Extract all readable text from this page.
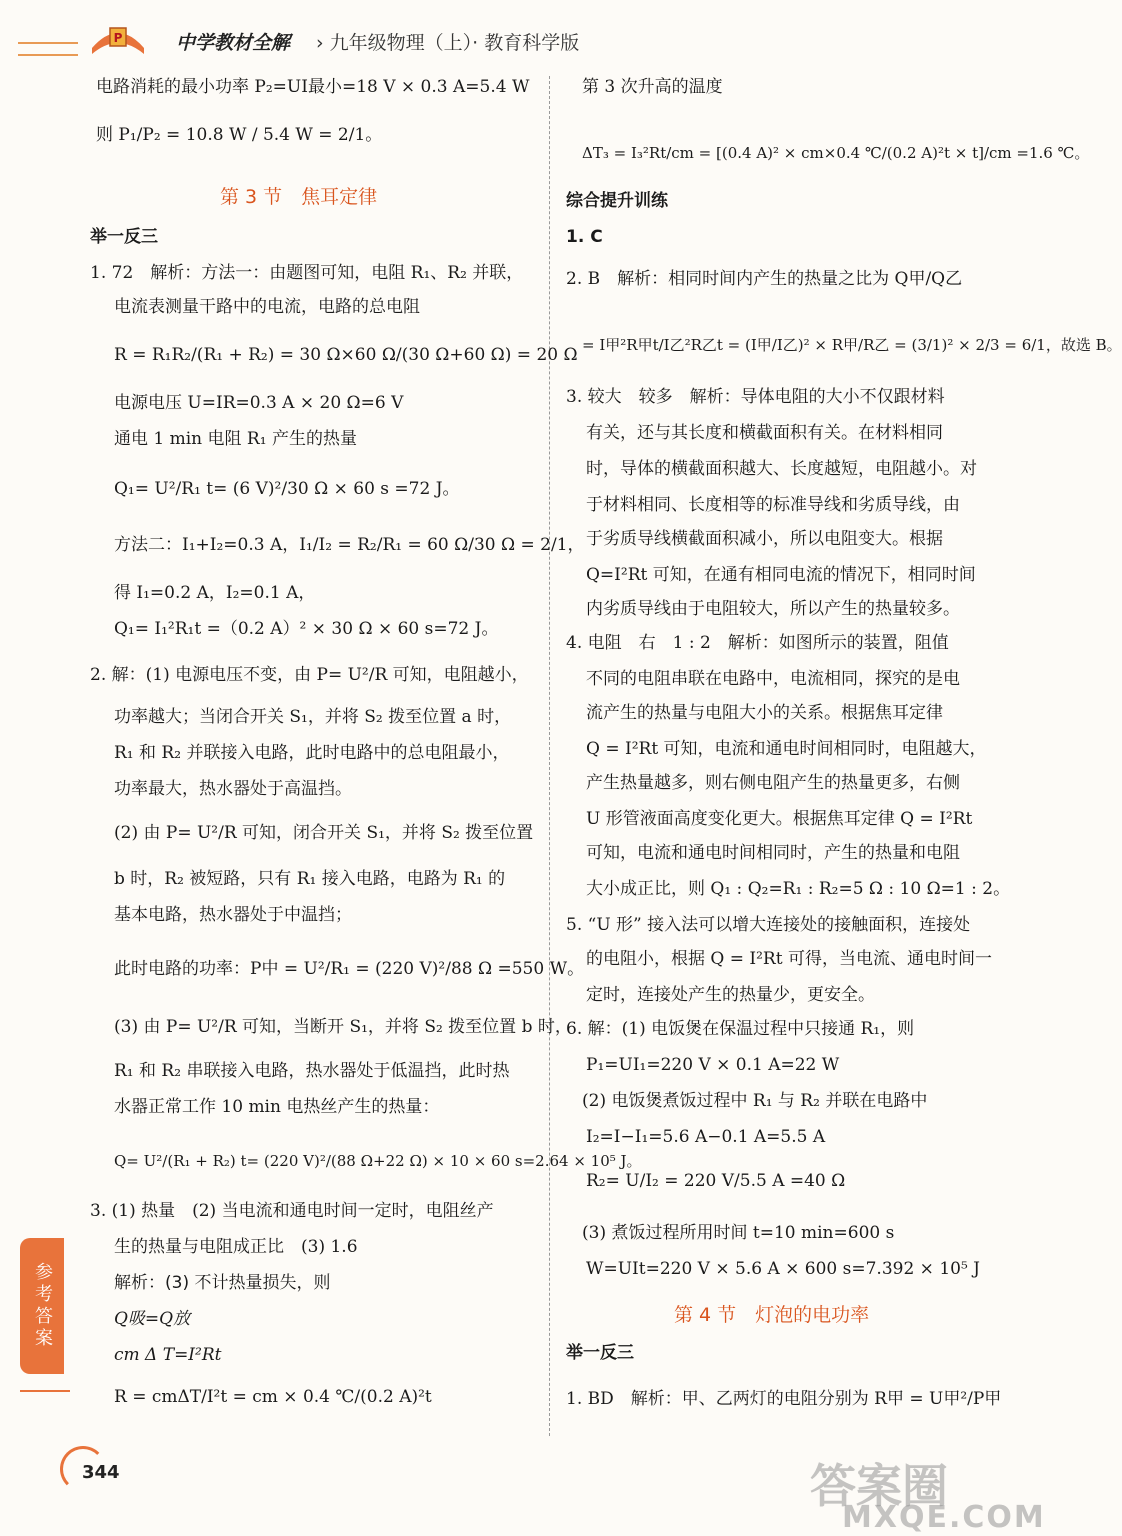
P	中学教材全解 › 九年级物理（上）· 教育科学版
电路消耗的最小功率 P₂=UI最小=18 V × 0.3 A=5.4 W
则 P₁/P₂ = 10.8 W / 5.4 W = 2/1。
第 3 节　焦耳定律
举一反三
1. 72　解析：方法一：由题图可知，电阻 R₁、R₂ 并联，
电流表测量干路中的电流，电路的总电阻
R = R₁R₂/(R₁ + R₂) = 30 Ω×60 Ω/(30 Ω+60 Ω) = 20 Ω
电源电压 U=IR=0.3 A × 20 Ω=6 V
通电 1 min 电阻 R₁ 产生的热量
Q₁= U²/R₁ t= (6 V)²/30 Ω × 60 s =72 J。
方法二：I₁+I₂=0.3 A，I₁/I₂ = R₂/R₁ = 60 Ω/30 Ω = 2/1，
得 I₁=0.2 A，I₂=0.1 A，
Q₁= I₁²R₁t =（0.2 A）² × 30 Ω × 60 s=72 J。
2. 解：(1) 电源电压不变，由 P= U²/R 可知，电阻越小，
功率越大；当闭合开关 S₁，并将 S₂ 拨至位置 a 时，
R₁ 和 R₂ 并联接入电路，此时电路中的总电阻最小，
功率最大，热水器处于高温挡。
(2) 由 P= U²/R 可知，闭合开关 S₁，并将 S₂ 拨至位置
b 时，R₂ 被短路，只有 R₁ 接入电路，电路为 R₁ 的
基本电路，热水器处于中温挡；
此时电路的功率：P中 = U²/R₁ = (220 V)²/88 Ω =550 W。
(3) 由 P= U²/R 可知，当断开 S₁，并将 S₂ 拨至位置 b 时，
R₁ 和 R₂ 串联接入电路，热水器处于低温挡，此时热
水器正常工作 10 min 电热丝产生的热量：
Q= U²/(R₁ + R₂) t= (220 V)²/(88 Ω+22 Ω) × 10 × 60 s=2.64 × 10⁵ J。
3. (1) 热量　(2) 当电流和通电时间一定时，电阻丝产
生的热量与电阻成正比　(3) 1.6
解析：(3) 不计热量损失，则
Q吸=Q放
cm Δ T=I²Rt
R = cmΔT/I²t = cm × 0.4 ℃/(0.2 A)²t
第 3 次升高的温度
ΔT₃ = I₃²Rt/cm = [(0.4 A)² × cm×0.4 ℃/(0.2 A)²t × t]/cm =1.6 ℃。
综合提升训练
1. C
2. B　解析：相同时间内产生的热量之比为 Q甲/Q乙
= I甲²R甲t/I乙²R乙t = (I甲/I乙)² × R甲/R乙 = (3/1)² × 2/3 = 6/1，故选 B。
3. 较大　较多　解析：导体电阻的大小不仅跟材料
有关，还与其长度和横截面积有关。在材料相同
时，导体的横截面积越大、长度越短，电阻越小。对
于材料相同、长度相等的标准导线和劣质导线，由
于劣质导线横截面积减小，所以电阻变大。根据
Q=I²Rt 可知，在通有相同电流的情况下，相同时间
内劣质导线由于电阻较大，所以产生的热量较多。
4. 电阻　右　1 : 2　解析：如图所示的装置，阻值
不同的电阻串联在电路中，电流相同，探究的是电
流产生的热量与电阻大小的关系。根据焦耳定律
Q = I²Rt 可知，电流和通电时间相同时，电阻越大，
产生热量越多，则右侧电阻产生的热量更多，右侧
U 形管液面高度变化更大。根据焦耳定律 Q = I²Rt
可知，电流和通电时间相同时，产生的热量和电阻
大小成正比，则 Q₁ : Q₂=R₁ : R₂=5 Ω : 10 Ω=1 : 2。
5. “U 形” 接入法可以增大连接处的接触面积，连接处
的电阻小，根据 Q = I²Rt 可得，当电流、通电时间一
定时，连接处产生的热量少，更安全。
6. 解：(1) 电饭煲在保温过程中只接通 R₁，则
P₁=UI₁=220 V × 0.1 A=22 W
(2) 电饭煲煮饭过程中 R₁ 与 R₂ 并联在电路中
I₂=I−I₁=5.6 A−0.1 A=5.5 A
R₂= U/I₂ = 220 V/5.5 A =40 Ω
(3) 煮饭过程所用时间 t=10 min=600 s
W=UIt=220 V × 5.6 A × 600 s=7.392 × 10⁵ J
第 4 节　灯泡的电功率
举一反三
1. BD　解析：甲、乙两灯的电阻分别为 R甲 = U甲²/P甲
参考答案
344	答案圈
MXQE.COM
